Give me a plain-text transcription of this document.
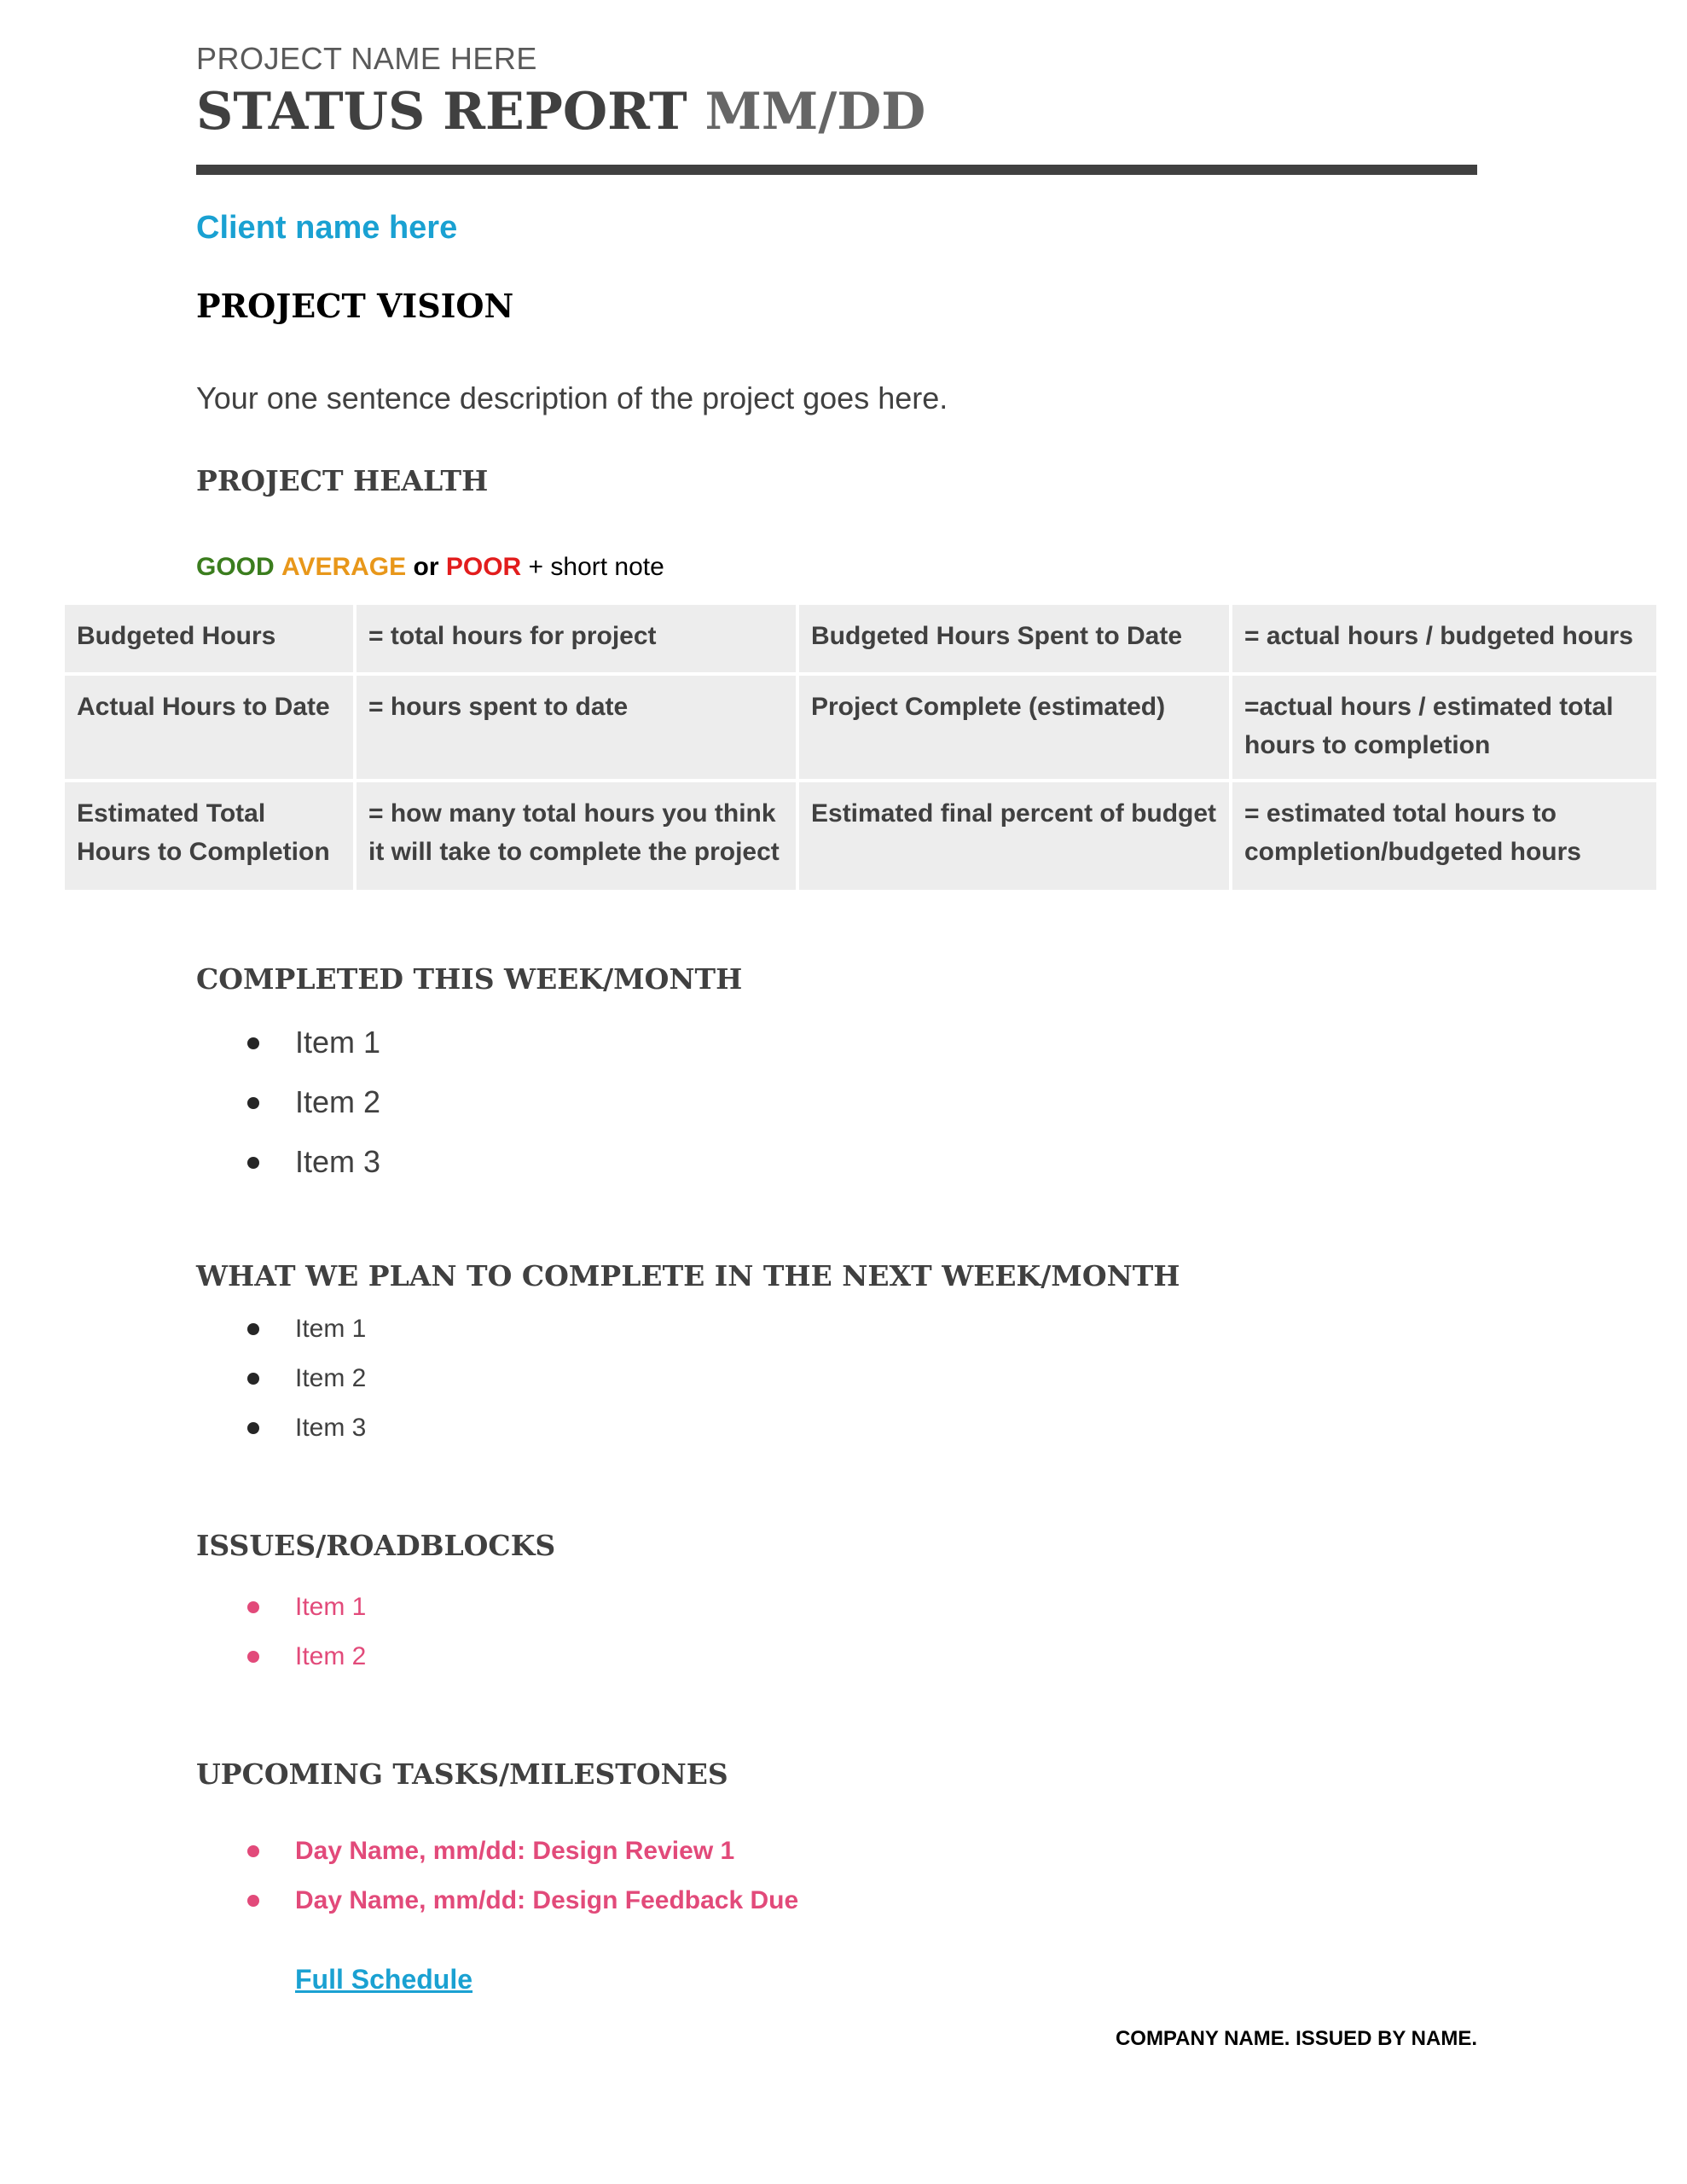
PROJECT NAME HERE
STATUS REPORT MM/DD
Client name here
PROJECT VISION
Your one sentence description of the project goes here.
PROJECT HEALTH
GOOD AVERAGE or POOR + short note
Budgeted Hours	= total hours for project	Budgeted Hours Spent to Date	= actual hours / budgeted hours
Actual Hours to Date	= hours spent to date	Project Complete (estimated)	=actual hours / estimated total hours to completion
Estimated Total Hours to Completion	= how many total hours you think it will take to complete the project	Estimated final percent of budget	= estimated total hours to completion/budgeted hours
COMPLETED THIS WEEK/MONTH
Item 1
Item 2
Item 3
WHAT WE PLAN TO COMPLETE IN THE NEXT WEEK/MONTH
Item 1
Item 2
Item 3
ISSUES/ROADBLOCKS
Item 1
Item 2
UPCOMING TASKS/MILESTONES
Day Name, mm/dd: Design Review 1
Day Name, mm/dd: Design Feedback Due
Full Schedule
COMPANY NAME. ISSUED BY NAME.
